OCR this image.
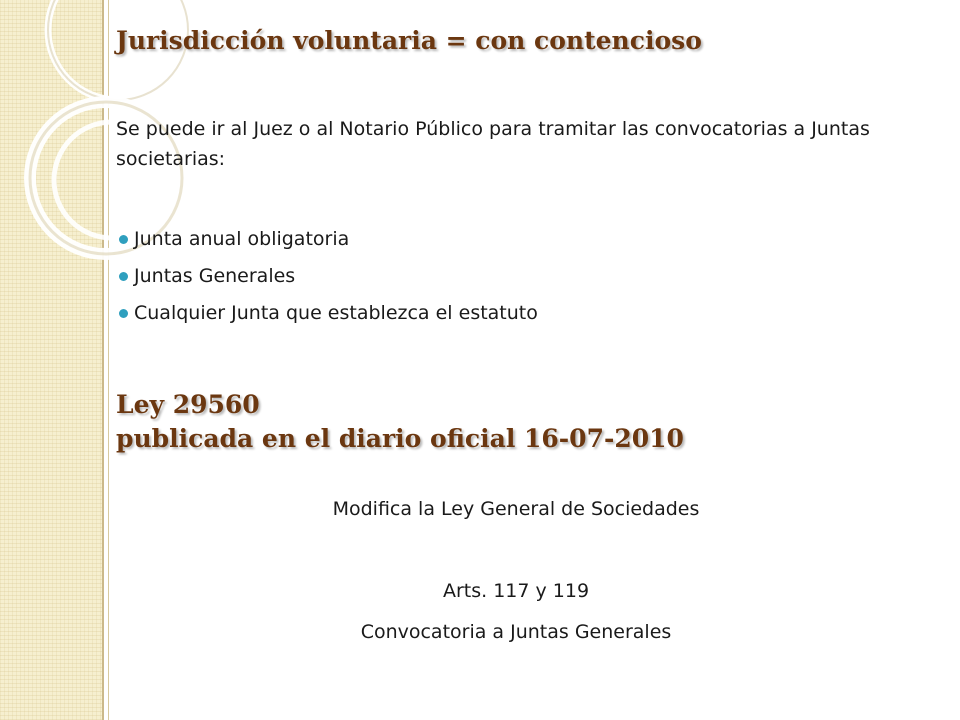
Jurisdicción voluntaria = con contencioso

Se puede ir al Juez o al Notario Público para tramitar las convocatorias a Juntas societarias:

Junta anual obligatoria
Juntas Generales
Cualquier Junta que establezca el estatuto
Ley 29560
publicada en el diario oficial 16-07-2010

Modifica la Ley General de Sociedades

Arts. 117 y 119

Convocatoria a Juntas Generales
